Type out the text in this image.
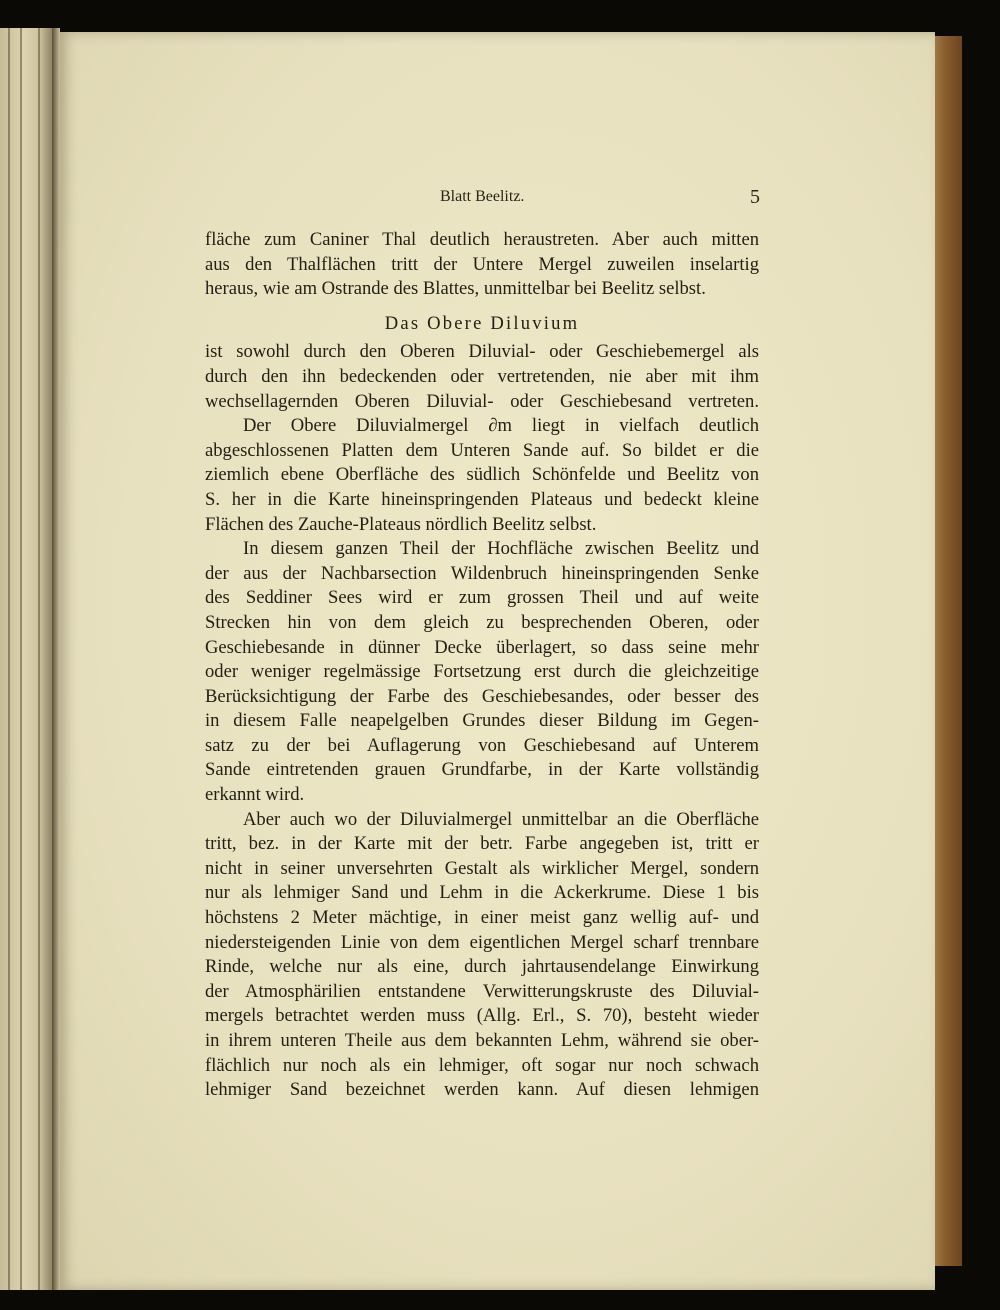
Blatt Beelitz.	5
fläche zum Caniner Thal deutlich heraustreten. Aber auch mitten
aus den Thalflächen tritt der Untere Mergel zuweilen inselartig
heraus, wie am Ostrande des Blattes, unmittelbar bei Beelitz selbst.
Das Obere Diluvium
ist sowohl durch den Oberen Diluvial- oder Geschiebemergel als
durch den ihn bedeckenden oder vertretenden, nie aber mit ihm
wechsellagernden Oberen Diluvial- oder Geschiebesand vertreten.
Der Obere Diluvialmergel ∂m liegt in vielfach deutlich
abgeschlossenen Platten dem Unteren Sande auf. So bildet er die
ziemlich ebene Oberfläche des südlich Schönfelde und Beelitz von
S. her in die Karte hineinspringenden Plateaus und bedeckt kleine
Flächen des Zauche-Plateaus nördlich Beelitz selbst.
In diesem ganzen Theil der Hochfläche zwischen Beelitz und
der aus der Nachbarsection Wildenbruch hineinspringenden Senke
des Seddiner Sees wird er zum grossen Theil und auf weite
Strecken hin von dem gleich zu besprechenden Oberen, oder
Geschiebesande in dünner Decke überlagert, so dass seine mehr
oder weniger regelmässige Fortsetzung erst durch die gleichzeitige
Berücksichtigung der Farbe des Geschiebesandes, oder besser des
in diesem Falle neapelgelben Grundes dieser Bildung im Gegen-
satz zu der bei Auflagerung von Geschiebesand auf Unterem
Sande eintretenden grauen Grundfarbe, in der Karte vollständig
erkannt wird.
Aber auch wo der Diluvialmergel unmittelbar an die Oberfläche
tritt, bez. in der Karte mit der betr. Farbe angegeben ist, tritt er
nicht in seiner unversehrten Gestalt als wirklicher Mergel, sondern
nur als lehmiger Sand und Lehm in die Ackerkrume. Diese 1 bis
höchstens 2 Meter mächtige, in einer meist ganz wellig auf- und
niedersteigenden Linie von dem eigentlichen Mergel scharf trennbare
Rinde, welche nur als eine, durch jahrtausendelange Einwirkung
der Atmosphärilien entstandene Verwitterungskruste des Diluvial-
mergels betrachtet werden muss (Allg. Erl., S. 70), besteht wieder
in ihrem unteren Theile aus dem bekannten Lehm, während sie ober-
flächlich nur noch als ein lehmiger, oft sogar nur noch schwach
lehmiger Sand bezeichnet werden kann. Auf diesen lehmigen
